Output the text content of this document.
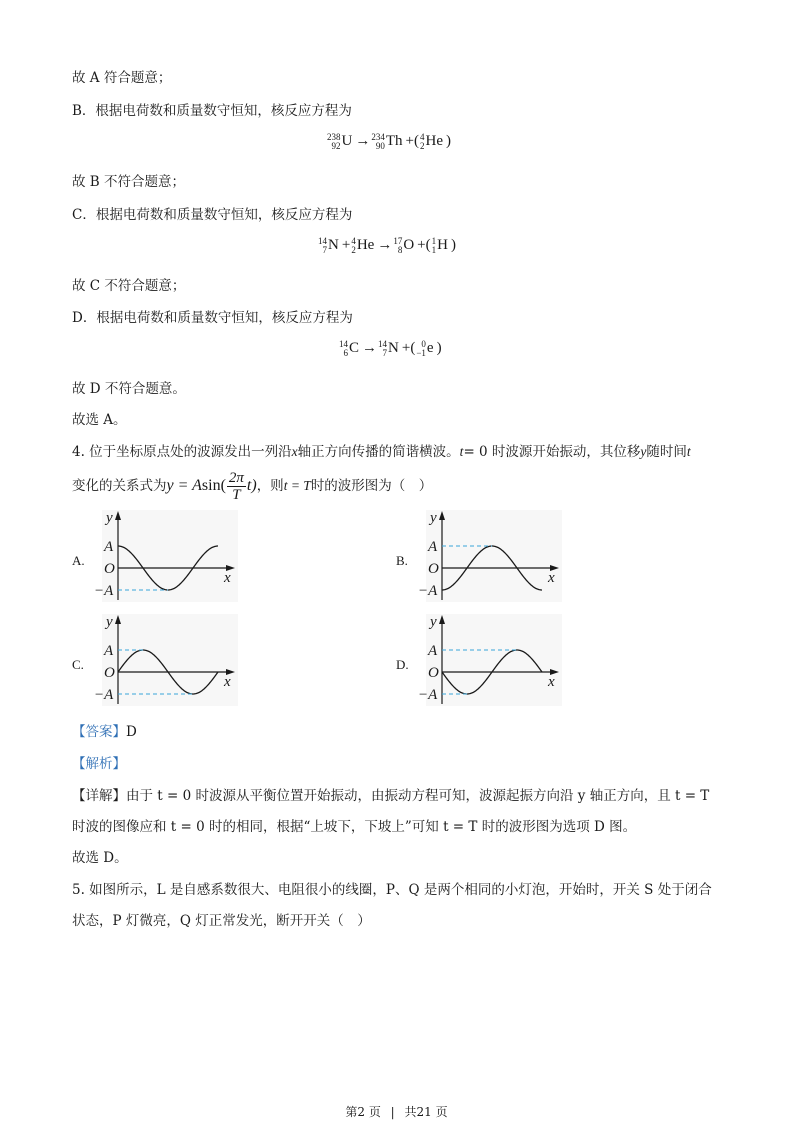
故 A 符合题意；
B．根据电荷数和质量数守恒知，核反应方程为
238
92 U → 234
90 Th +( 4
2 He )
故 B 不符合题意；
C．根据电荷数和质量数守恒知，核反应方程为
14
7 N + 4
2 He → 17
8 O +( 1
1 H )
故 C 不符合题意；
D．根据电荷数和质量数守恒知，核反应方程为
14
6 C → 14
7 N +( 0
−1 e )
故 D 不符合题意。
故选 A。
4. 位于坐标原点处的波源发出一列沿x轴正方向传播的简谐横波。t= 0 时波源开始振动，其位移y随时间t
变化的关系式为$y = Asin( \frac{2\pi}{T} t)$，则t = T时的波形图为（　）
A.
y
x
A
O
−A
B.
y
x
A
O
−A
C.
y
x
A
O
−A
D.
y
x
A
O
−A
【答案】D
【解析】
【详解】由于 t = 0 时波源从平衡位置开始振动，由振动方程可知，波源起振方向沿 y 轴正方向，且 t = T
时波的图像应和 t = 0 时的相同，根据“上坡下，下坡上”可知 t = T 时的波形图为选项 D 图。
故选 D。
5. 如图所示，L 是自感系数很大、电阻很小的线圈，P、Q 是两个相同的小灯泡，开始时，开关 S 处于闭合
状态，P 灯微亮，Q 灯正常发光，断开开关（　）
第2 页 | 共21 页
